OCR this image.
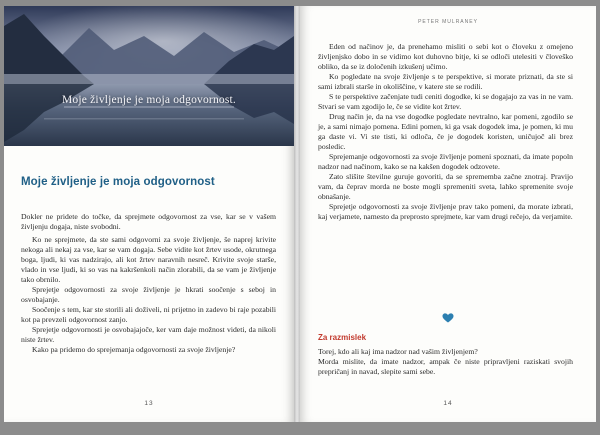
Moje življenje je moja odgovornost.
Moje življenje je moja odgovornost

Dokler ne pridete do točke, da sprejmete odgovornost za vse, kar se v vašem življenju dogaja, niste svobodni.

Ko ne sprejmete, da ste sami odgovorni za svoje življenje, še naprej krivite nekoga ali nekaj za vse, kar se vam dogaja. Sebe vidite kot žrtev usode, okrutnega boga, ljudi, ki vas nadzirajo, ali kot žrtev naravnih nesreč. Krivite svoje starše, vlado in vse ljudi, ki so vas na kakršenkoli način zlorabili, da se vam je življenje tako obrnilo.

Sprejetje odgovornosti za svoje življenje je hkrati soočenje s seboj in osvobajanje.

Soočenje s tem, kar ste storili ali doživeli, ni prijetno in zadevo bi raje pozabili kot pa prevzeli odgovornost zanjo.

Sprejetje odgovornosti je osvobajajoče, ker vam daje možnost videti, da nikoli niste žrtev.

Kako pa pridemo do sprejemanja odgovornosti za svoje življenje?

13
PETER MULRANEY

Eden od načinov je, da prenehamo misliti o sebi kot o človeku z omejeno življenjsko dobo in se vidimo kot duhovno bitje, ki se odloči utelesiti v človeško obliko, da se iz določenih izkušenj učimo.

Ko pogledate na svoje življenje s te perspektive, si morate priznati, da ste si sami izbrali starše in okoliščine, v katere ste se rodili.

S te perspektive začenjate tudi ceniti dogodke, ki se dogajajo za vas in ne vam. Stvari se vam zgodijo le, če se vidite kot žrtev.

Drug način je, da na vse dogodke pogledate nevtralno, kar pomeni, zgodilo se je, a sami nimajo pomena. Edini pomen, ki ga vsak dogodek ima, je pomen, ki mu ga daste vi. Vi ste tisti, ki odloča, če je dogodek koristen, uničujoč ali brez posledic.

Sprejemanje odgovornosti za svoje življenje pomeni spoznati, da imate popoln nadzor nad načinom, kako se na kakšen dogodek odzovete.

Zato slišite številne guruje govoriti, da se sprememba začne znotraj. Pravijo vam, da čeprav morda ne boste mogli spremeniti sveta, lahko spremenite svoje obnašanje.

Sprejetje odgovornosti za svoje življenje prav tako pomeni, da morate izbrati, kaj verjamete, namesto da preprosto sprejmete, kar vam drugi rečejo, da verjamite.

Za razmislek

Torej, kdo ali kaj ima nadzor nad vašim življenjem?

Morda mislite, da imate nadzor, ampak če niste pripravljeni raziskati svojih prepričanj in navad, slepite sami sebe.

14
